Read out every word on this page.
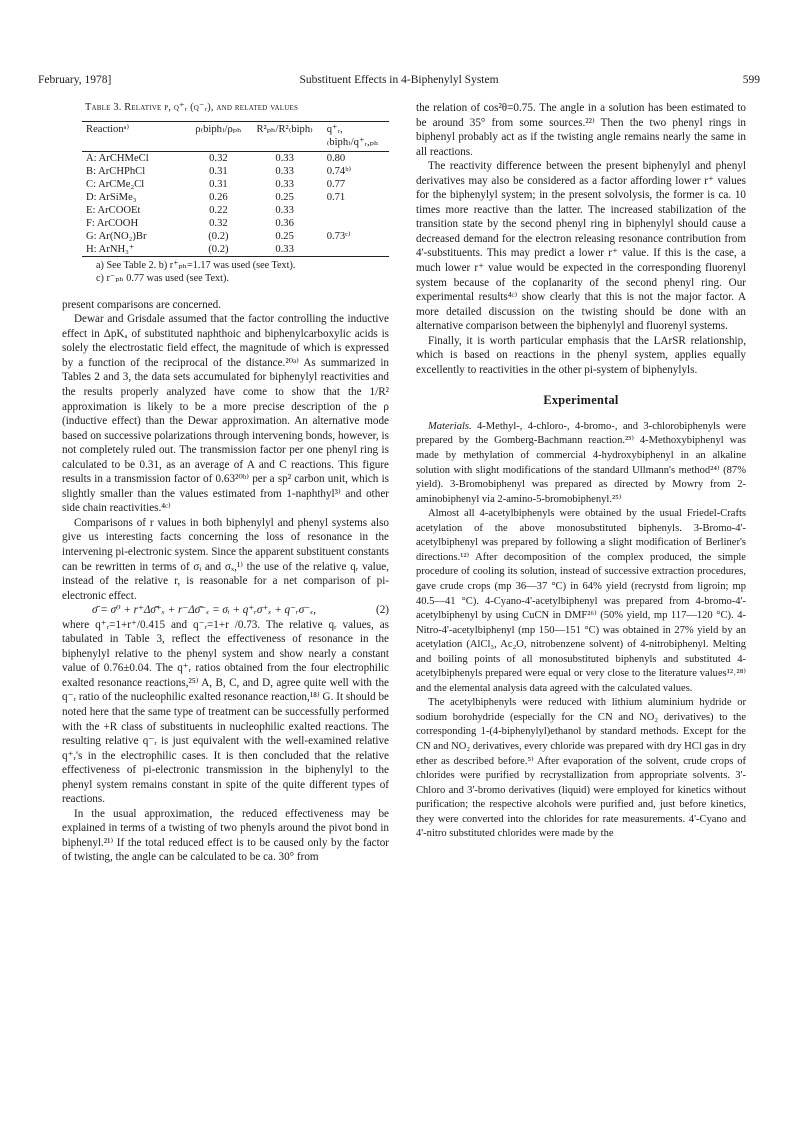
February, 1978]	Substituent Effects in 4-Biphenylyl System	599
Table 3. Relative ρ, q⁺ᵣ (q⁻ᵣ), and related values
Reactionᵃ⁾	ρ₍biph₎/ρₚₕ	R²ₚₕ/R²₍biph₎	q⁺ᵣ,₍biph₎/q⁺ᵣ,ₚₕ
A: ArCHMeCl	0.32	0.33	0.80
B: ArCHPhCl	0.31	0.33	0.74ᵇ⁾
C: ArCMe₂Cl	0.31	0.33	0.77
D: ArSiMe₃	0.26	0.25	0.71
E: ArCOOEt	0.22	0.33
F: ArCOOH	0.32	0.36
G: Ar(NO₂)Br	(0.2)	0.25	0.73ᶜ⁾
H: ArNH₃⁺	(0.2)	0.33
a) See Table 2. b) r⁺ₚₕ=1.17 was used (see Text).
c) r⁻ₚₕ 0.77 was used (see Text).

present comparisons are concerned.

Dewar and Grisdale assumed that the factor controlling the inductive effect in ΔpKₐ of substituted naphthoic and biphenylcarboxylic acids is solely the electrostatic field effect, the magnitude of which is expressed by a function of the reciprocal of the distance.²⁰ᵃ⁾ As summarized in Tables 2 and 3, the data sets accumulated for biphenylyl reactivities and the results properly analyzed have come to show that the 1/R² approximation is likely to be a more precise description of the ρ (inductive effect) than the Dewar approximation. An alternative mode based on successive polarizations through intervening bonds, however, is not completely ruled out. The transmission factor per one phenyl ring is calculated to be 0.31, as an average of A and C reactions. This figure results in a transmission factor of 0.63²⁰ᵇ⁾ per a sp² carbon unit, which is slightly smaller than the values estimated from 1-naphthyl³⁾ and other side chain reactivities.⁴ᶜ⁾

Comparisons of r values in both biphenylyl and phenyl systems also give us interesting facts concerning the loss of resonance in the intervening pi-electronic system. Since the apparent substituent constants can be rewritten in terms of σᵢ and σₓ,¹⁾ the use of the relative qᵣ value, instead of the relative r, is reasonable for a net comparison of pi-electronic effect.

σ̄ = σ⁰ + r⁺Δσ̄⁺ₓ + r⁻Δσ̄⁻ₓ = σᵢ + q⁺ᵣσ⁺ₓ + q⁻ᵣσ⁻ₓ,	(2)

where q⁺ᵣ=1+r⁺/0.415 and q⁻ᵣ=1+r /0.73. The relative qᵣ values, as tabulated in Table 3, reflect the effectiveness of resonance in the biphenylyl relative to the phenyl system and show nearly a constant value of 0.76±0.04. The q⁺ᵣ ratios obtained from the four electrophilic exalted resonance reactions,²⁵⁾ A, B, C, and D, agree quite well with the q⁻ᵣ ratio of the nucleophilic exalted resonance reaction,¹⁸⁾ G. It should be noted here that the same type of treatment can be successfully performed with the +R class of substituents in nucleophilic exalted reactions. The resulting relative q⁻ᵣ is just equivalent with the well-examined relative q⁺ᵣ's in the electrophilic cases. It is then concluded that the relative effectiveness of pi-electronic transmission in the biphenylyl to the phenyl system remains constant in spite of the quite different types of reactions.

In the usual approximation, the reduced effectiveness may be explained in terms of a twisting of two phenyls around the pivot bond in biphenyl.²¹⁾ If the total reduced effect is to be caused only by the factor of twisting, the angle can be calculated to be ca. 30° from

the relation of cos²θ=0.75. The angle in a solution has been estimated to be around 35° from some sources.²²⁾ Then the two phenyl rings in biphenyl probably act as if the twisting angle remains nearly the same in all reactions.

The reactivity difference between the present biphenylyl and phenyl derivatives may also be considered as a factor affording lower r⁺ values for the biphenylyl system; in the present solvolysis, the former is ca. 10 times more reactive than the latter. The increased stabilization of the transition state by the second phenyl ring in biphenylyl should cause a decreased demand for the electron releasing resonance contribution from 4'-substituents. This may predict a lower r⁺ value. If this is the case, a much lower r⁺ value would be expected in the corresponding fluorenyl system because of the coplanarity of the second phenyl ring. Our experimental results⁴ᶜ⁾ show clearly that this is not the major factor. A more detailed discussion on the twisting should be done with an alternative comparison between the biphenylyl and fluorenyl systems.

Finally, it is worth particular emphasis that the LArSR relationship, which is based on reactions in the phenyl system, applies equally excellently to reactivities in the other pi-system of biphenylyls.

Experimental

Materials. 4-Methyl-, 4-chloro-, 4-bromo-, and 3-chlorobiphenyls were prepared by the Gomberg-Bachmann reaction.²³⁾ 4-Methoxybiphenyl was made by methylation of commercial 4-hydroxybiphenyl in an alkaline solution with slight modifications of the standard Ullmann's method²⁴⁾ (87% yield). 3-Bromobiphenyl was prepared as directed by Mowry from 2-aminobiphenyl via 2-amino-5-bromobiphenyl.²⁵⁾

Almost all 4-acetylbiphenyls were obtained by the usual Friedel-Crafts acetylation of the above monosubstituted biphenyls. 3-Bromo-4'-acetylbiphenyl was prepared by following a slight modification of Berliner's directions.¹²⁾ After decomposition of the complex produced, the simple procedure of cooling its solution, instead of successive extraction procedures, gave crude crops (mp 36—37 °C) in 64% yield (recrystd from ligroin; mp 40.5—41 °C). 4-Cyano-4'-acetylbiphenyl was prepared from 4-bromo-4'-acetylbiphenyl by using CuCN in DMF²⁶⁾ (50% yield, mp 117—120 °C). 4-Nitro-4'-acetylbiphenyl (mp 150—151 °C) was obtained in 27% yield by an acetylation (AlCl₃, Ac₂O, nitrobenzene solvent) of 4-nitrobiphenyl. Melting and boiling points of all monosubstituted biphenyls and substituted 4-acetylbiphenyls prepared were equal or very close to the literature values¹²˒²⁸⁾ and the elemental analysis data agreed with the calculated values.

The acetylbiphenyls were reduced with lithium aluminium hydride or sodium borohydride (especially for the CN and NO₂ derivatives) to the corresponding 1-(4-biphenylyl)ethanol by standard methods. Except for the CN and NO₂ derivatives, every chloride was prepared with dry HCl gas in dry ether as described before.⁵⁾ After evaporation of the solvent, crude crops of chlorides were purified by recrystallization from appropriate solvents. 3'-Chloro and 3'-bromo derivatives (liquid) were employed for kinetics without purification; the respective alcohols were purified and, just before kinetics, they were converted into the chlorides for rate measurements. 4'-Cyano and 4'-nitro substituted chlorides were made by the
